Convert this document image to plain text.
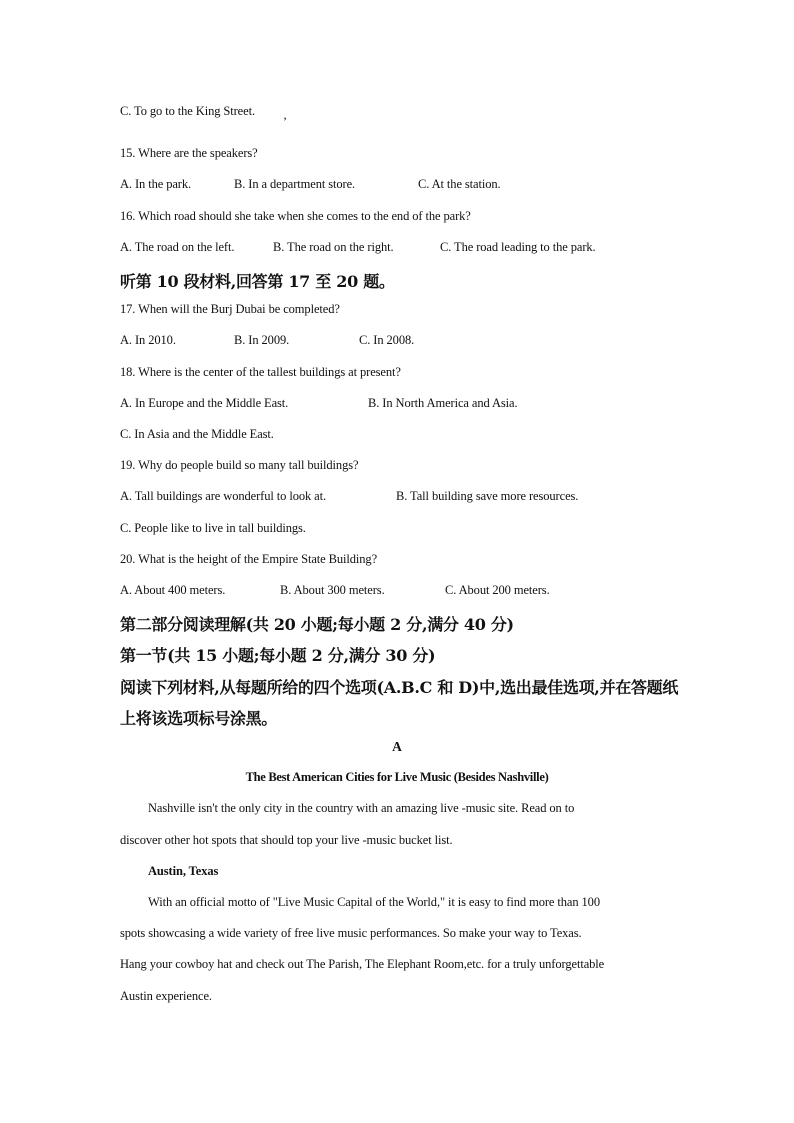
C. To go to the King Street.
’
15. Where are the speakers?
A. In the park.	B. In a department store.	C. At the station.
16. Which road should she take when she comes to the end of the park?
A. The road on the left.	B. The road on the right.	C. The road leading to the park.
听第 10 段材料,回答第 17 至 20 题。
17. When will the Burj Dubai be completed?
A. In 2010.	B. In 2009.	C. In 2008.
18. Where is the center of the tallest buildings at present?
A. In Europe and the Middle East.	B. In North America and Asia.
C. In Asia and the Middle East.
19. Why do people build so many tall buildings?
A. Tall buildings are wonderful to look at.	B. Tall building save more resources.
C. People like to live in tall buildings.
20. What is the height of the Empire State Building?
A. About 400 meters.	B. About 300 meters.	C. About 200 meters.
第二部分阅读理解(共 20 小题;每小题 2 分,满分 40 分)
第一节(共 15 小题;每小题 2 分,满分 30 分)
阅读下列材料,从每题所给的四个选项(A.B.C 和 D)中,选出最佳选项,并在答题纸
上将该选项标号涂黑。
A
The Best American Cities for Live Music (Besides Nashville)
Nashville isn't the only city in the country with an amazing live -music site. Read on to
discover other hot spots that should top your live -music bucket list.
Austin, Texas
With an official motto of "Live Music Capital of the World," it is easy to find more than 100
spots showcasing a wide variety of free live music performances. So make your way to Texas.
Hang your cowboy hat and check out The Parish, The Elephant Room,etc. for a truly unforgettable
Austin experience.
